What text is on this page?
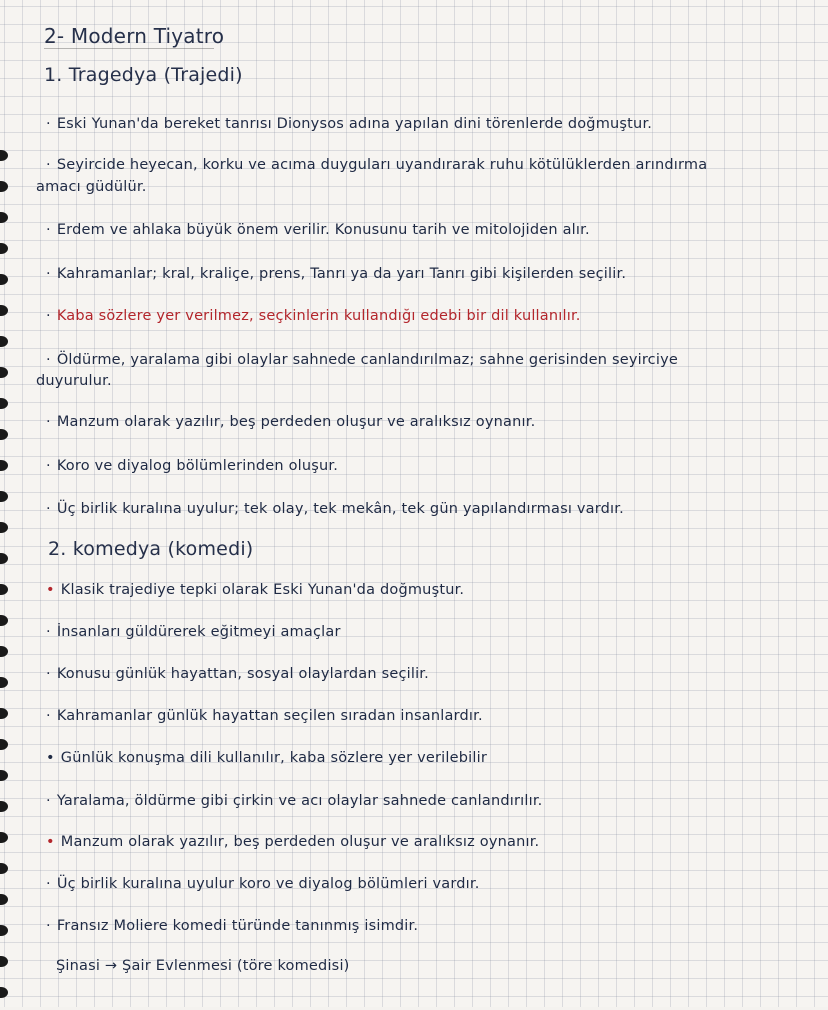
2- Modern Tiyatro
1. Tragedya (Trajedi)
· Eski Yunan'da bereket tanrısı Dionysos adına yapılan dini törenlerde doğmuştur.
· Seyircide heyecan, korku ve acıma duyguları uyandırarak ruhu kötülüklerden arındırma
amacı güdülür.
· Erdem ve ahlaka büyük önem verilir. Konusunu tarih ve mitolojiden alır.
· Kahramanlar; kral, kraliçe, prens, Tanrı ya da yarı Tanrı gibi kişilerden seçilir.
· Kaba sözlere yer verilmez, seçkinlerin kullandığı edebi bir dil kullanılır.
· Öldürme, yaralama gibi olaylar sahnede canlandırılmaz; sahne gerisinden seyirciye
duyurulur.
· Manzum olarak yazılır, beş perdeden oluşur ve aralıksız oynanır.
· Koro ve diyalog bölümlerinden oluşur.
· Üç birlik kuralına uyulur; tek olay, tek mekân, tek gün yapılandırması vardır.
2. komedya (komedi)
• Klasik trajediye tepki olarak Eski Yunan'da doğmuştur.
· İnsanları güldürerek eğitmeyi amaçlar
· Konusu günlük hayattan, sosyal olaylardan seçilir.
· Kahramanlar günlük hayattan seçilen sıradan insanlardır.
• Günlük konuşma dili kullanılır, kaba sözlere yer verilebilir
· Yaralama, öldürme gibi çirkin ve acı olaylar sahnede canlandırılır.
• Manzum olarak yazılır, beş perdeden oluşur ve aralıksız oynanır.
· Üç birlik kuralına uyulur koro ve diyalog bölümleri vardır.
· Fransız Moliere komedi türünde tanınmış isimdir.
Şinasi → Şair Evlenmesi (töre komedisi)
